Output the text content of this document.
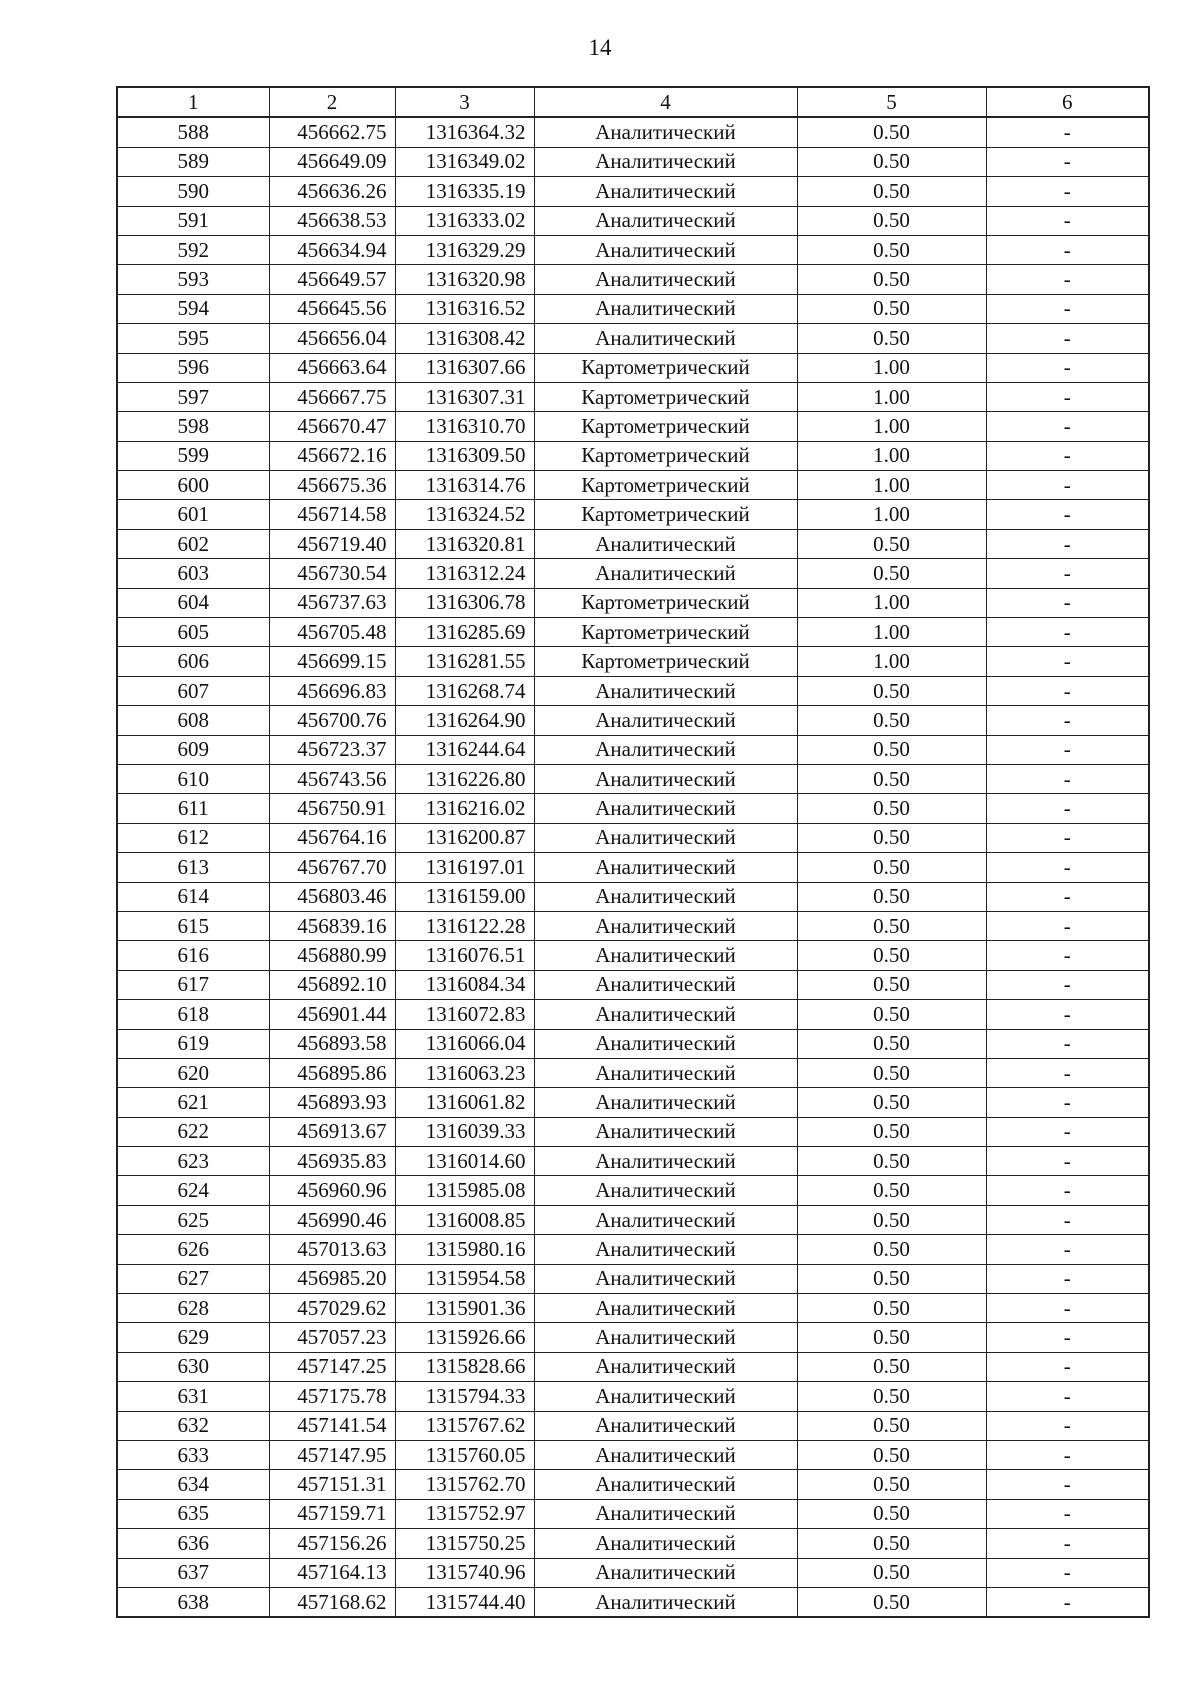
14
1	2	3	4	5	6
588	456662.75	1316364.32	Аналитический	0.50	-
589	456649.09	1316349.02	Аналитический	0.50	-
590	456636.26	1316335.19	Аналитический	0.50	-
591	456638.53	1316333.02	Аналитический	0.50	-
592	456634.94	1316329.29	Аналитический	0.50	-
593	456649.57	1316320.98	Аналитический	0.50	-
594	456645.56	1316316.52	Аналитический	0.50	-
595	456656.04	1316308.42	Аналитический	0.50	-
596	456663.64	1316307.66	Картометрический	1.00	-
597	456667.75	1316307.31	Картометрический	1.00	-
598	456670.47	1316310.70	Картометрический	1.00	-
599	456672.16	1316309.50	Картометрический	1.00	-
600	456675.36	1316314.76	Картометрический	1.00	-
601	456714.58	1316324.52	Картометрический	1.00	-
602	456719.40	1316320.81	Аналитический	0.50	-
603	456730.54	1316312.24	Аналитический	0.50	-
604	456737.63	1316306.78	Картометрический	1.00	-
605	456705.48	1316285.69	Картометрический	1.00	-
606	456699.15	1316281.55	Картометрический	1.00	-
607	456696.83	1316268.74	Аналитический	0.50	-
608	456700.76	1316264.90	Аналитический	0.50	-
609	456723.37	1316244.64	Аналитический	0.50	-
610	456743.56	1316226.80	Аналитический	0.50	-
611	456750.91	1316216.02	Аналитический	0.50	-
612	456764.16	1316200.87	Аналитический	0.50	-
613	456767.70	1316197.01	Аналитический	0.50	-
614	456803.46	1316159.00	Аналитический	0.50	-
615	456839.16	1316122.28	Аналитический	0.50	-
616	456880.99	1316076.51	Аналитический	0.50	-
617	456892.10	1316084.34	Аналитический	0.50	-
618	456901.44	1316072.83	Аналитический	0.50	-
619	456893.58	1316066.04	Аналитический	0.50	-
620	456895.86	1316063.23	Аналитический	0.50	-
621	456893.93	1316061.82	Аналитический	0.50	-
622	456913.67	1316039.33	Аналитический	0.50	-
623	456935.83	1316014.60	Аналитический	0.50	-
624	456960.96	1315985.08	Аналитический	0.50	-
625	456990.46	1316008.85	Аналитический	0.50	-
626	457013.63	1315980.16	Аналитический	0.50	-
627	456985.20	1315954.58	Аналитический	0.50	-
628	457029.62	1315901.36	Аналитический	0.50	-
629	457057.23	1315926.66	Аналитический	0.50	-
630	457147.25	1315828.66	Аналитический	0.50	-
631	457175.78	1315794.33	Аналитический	0.50	-
632	457141.54	1315767.62	Аналитический	0.50	-
633	457147.95	1315760.05	Аналитический	0.50	-
634	457151.31	1315762.70	Аналитический	0.50	-
635	457159.71	1315752.97	Аналитический	0.50	-
636	457156.26	1315750.25	Аналитический	0.50	-
637	457164.13	1315740.96	Аналитический	0.50	-
638	457168.62	1315744.40	Аналитический	0.50	-
